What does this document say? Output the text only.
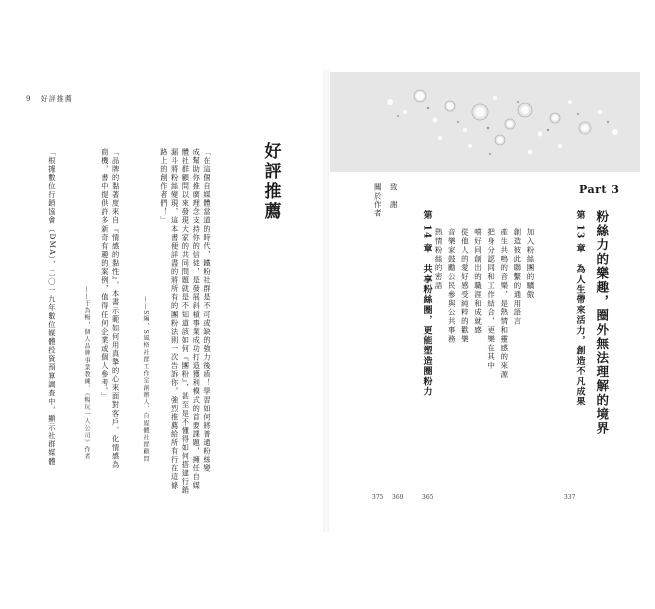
9 好評推薦
好評推薦
「在這個自媒體當道的時代，鐵粉社群是不可或缺的強力後盾！學習如何將普通粉絲變
成幫助你推廣理念支持你的信徒，是發展斜槓事業成功打造獲利模式的首要課題，擁任自媒
體社群顧問以來發現大家的共同問題就是不知道該如何『團粉』，甚至是不懂得如何搭建行銷
漏斗將粉絲變現，這本書便詳盡的將所有的團粉法則一次告訴你，強烈推薦給所有行在這條
路上的創作者們！」
——S編，S風格社群工作室創辦人、自媒體社群顧問
「品牌的黏著度來自『情感的黏性』，本書示範如何用真摯的心來面對客戶、化情感為
商機，書中提供許多新奇有趣的案例，值得任何企業或個人參考。」
——于為暢，個人品牌事業教練、《暢玩一人公司》作者
「根據數位行銷協會（DMA），二〇一九年數位媒體投資預算調查中，顯示社群媒體	Part 3
粉絲力的樂趣，圈外無法理解的境界
第 13 章　為人生帶來活力，創造不凡成果
加入粉絲團的驕傲
創造彼此聯繫的通用語言
產生共鳴的音樂，是熱情和靈感的來源
把身分認同和工作結合，更樂在其中
嘻好同創出的職涯和成就感
從他人的愛好感受純粹的歡樂
音樂家鼓勵公民參與公共事務
熱情粉絲的密語
337
第 14 章　共享粉絲圈，更能塑造圈粉力
365
致　謝
關於作者
369
375
